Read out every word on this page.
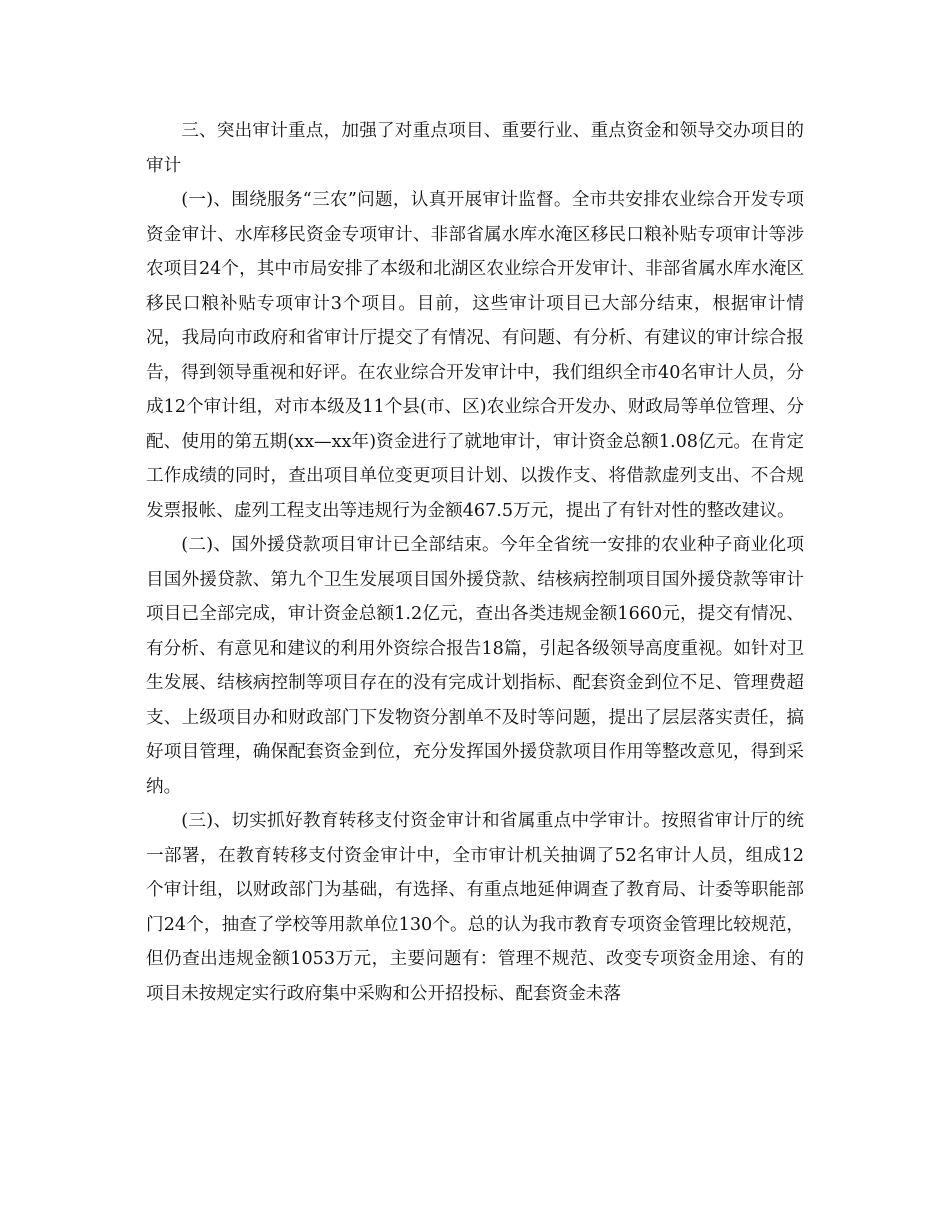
三、突出审计重点，加强了对重点项目、重要行业、重点资金和领导交办项目的审计

(一)、围绕服务“三农”问题，认真开展审计监督。全市共安排农业综合开发专项资金审计、水库移民资金专项审计、非部省属水库水淹区移民口粮补贴专项审计等涉农项目24个，其中市局安排了本级和北湖区农业综合开发审计、非部省属水库水淹区移民口粮补贴专项审计3个项目。目前，这些审计项目已大部分结束，根据审计情况，我局向市政府和省审计厅提交了有情况、有问题、有分析、有建议的审计综合报告，得到领导重视和好评。在农业综合开发审计中，我们组织全市40名审计人员，分成12个审计组，对市本级及11个县(市、区)农业综合开发办、财政局等单位管理、分配、使用的第五期(xx—xx年)资金进行了就地审计，审计资金总额1.08亿元。在肯定工作成绩的同时，查出项目单位变更项目计划、以拨作支、将借款虚列支出、不合规发票报帐、虚列工程支出等违规行为金额467.5万元，提出了有针对性的整改建议。

(二)、国外援贷款项目审计已全部结束。今年全省统一安排的农业种子商业化项目国外援贷款、第九个卫生发展项目国外援贷款、结核病控制项目国外援贷款等审计项目已全部完成，审计资金总额1.2亿元，查出各类违规金额1660元，提交有情况、有分析、有意见和建议的利用外资综合报告18篇，引起各级领导高度重视。如针对卫生发展、结核病控制等项目存在的没有完成计划指标、配套资金到位不足、管理费超支、上级项目办和财政部门下发物资分割单不及时等问题，提出了层层落实责任，搞好项目管理，确保配套资金到位，充分发挥国外援贷款项目作用等整改意见，得到采纳。

(三)、切实抓好教育转移支付资金审计和省属重点中学审计。按照省审计厅的统一部署，在教育转移支付资金审计中，全市审计机关抽调了52名审计人员，组成12个审计组，以财政部门为基础，有选择、有重点地延伸调查了教育局、计委等职能部门24个，抽查了学校等用款单位130个。总的认为我市教育专项资金管理比较规范，但仍查出违规金额1053万元，主要问题有：管理不规范、改变专项资金用途、有的项目未按规定实行政府集中采购和公开招投标、配套资金未落
